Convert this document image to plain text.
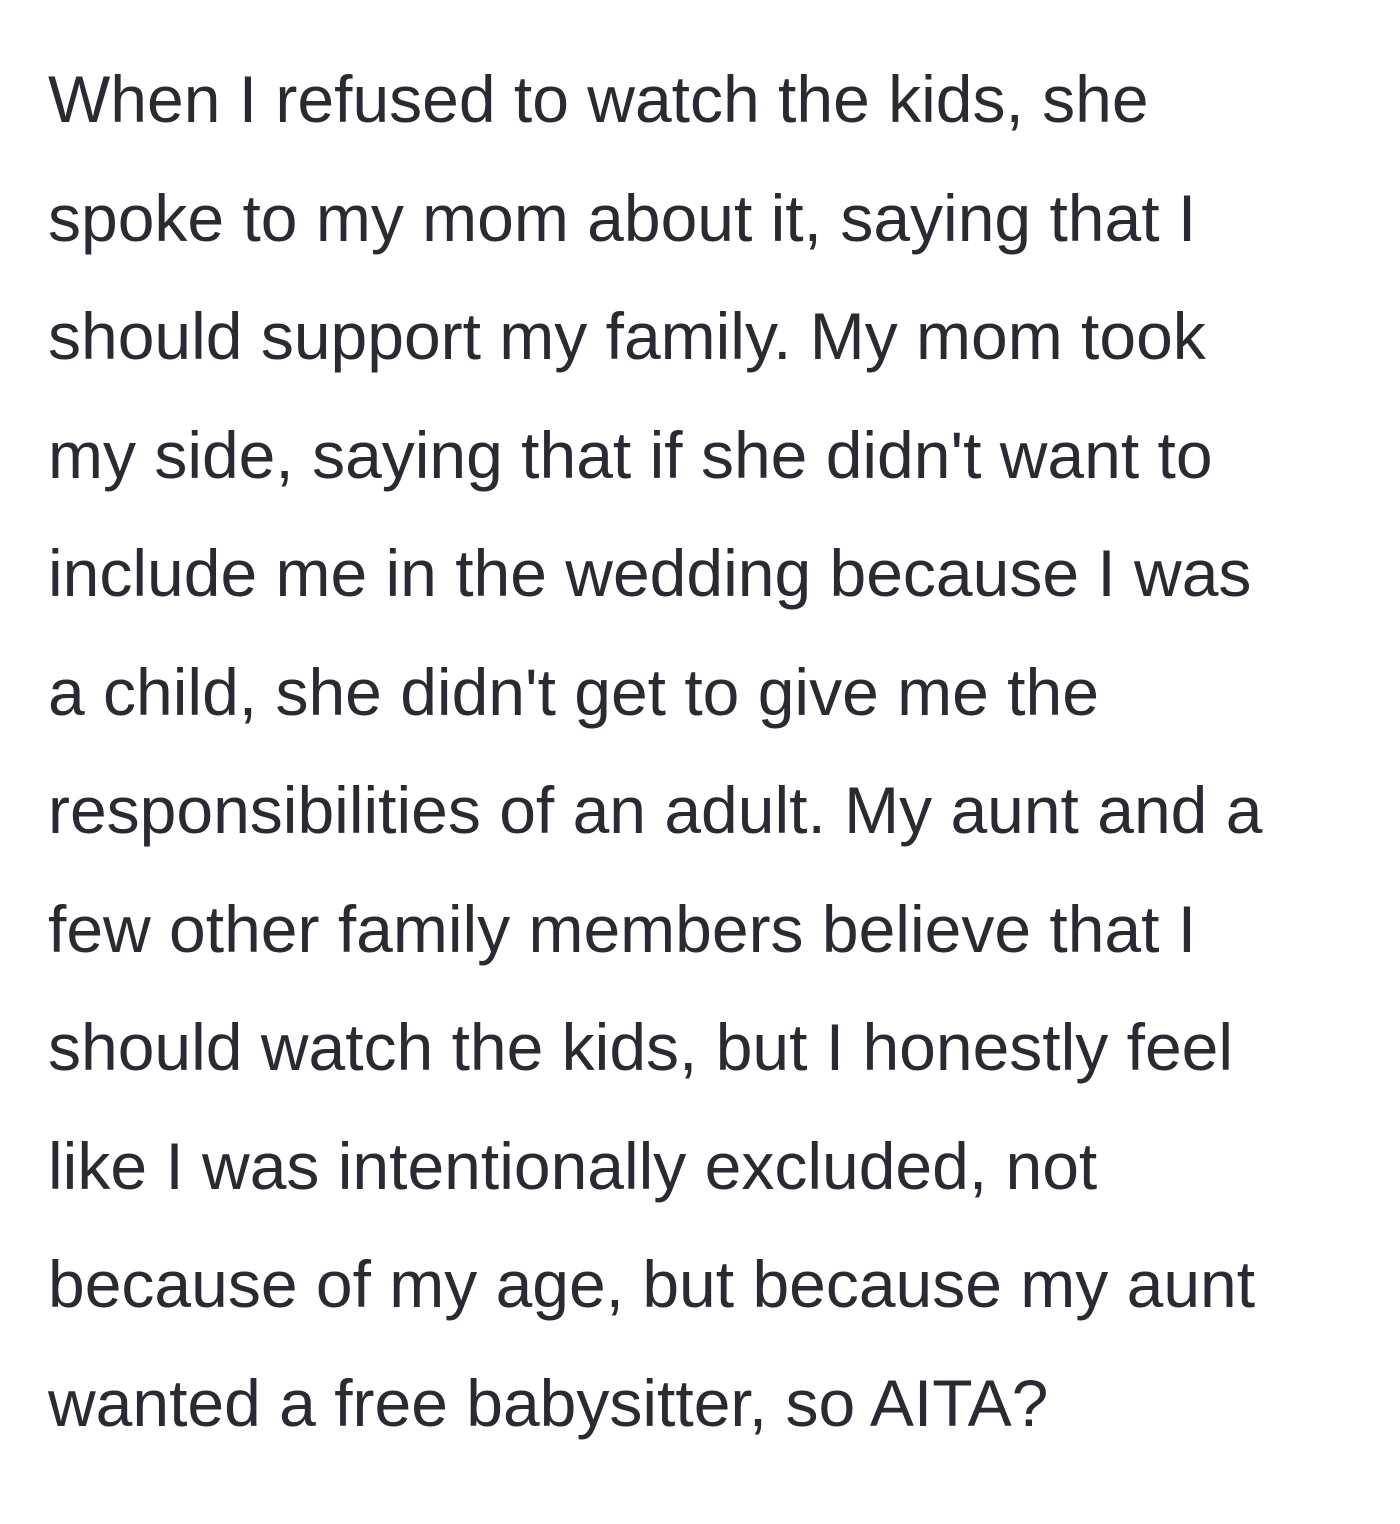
When I refused to watch the kids, she
spoke to my mom about it, saying that I
should support my family. My mom took
my side, saying that if she didn't want to
include me in the wedding because I was
a child, she didn't get to give me the
responsibilities of an adult. My aunt and a
few other family members believe that I
should watch the kids, but I honestly feel
like I was intentionally excluded, not
because of my age, but because my aunt
wanted a free babysitter, so AITA?
